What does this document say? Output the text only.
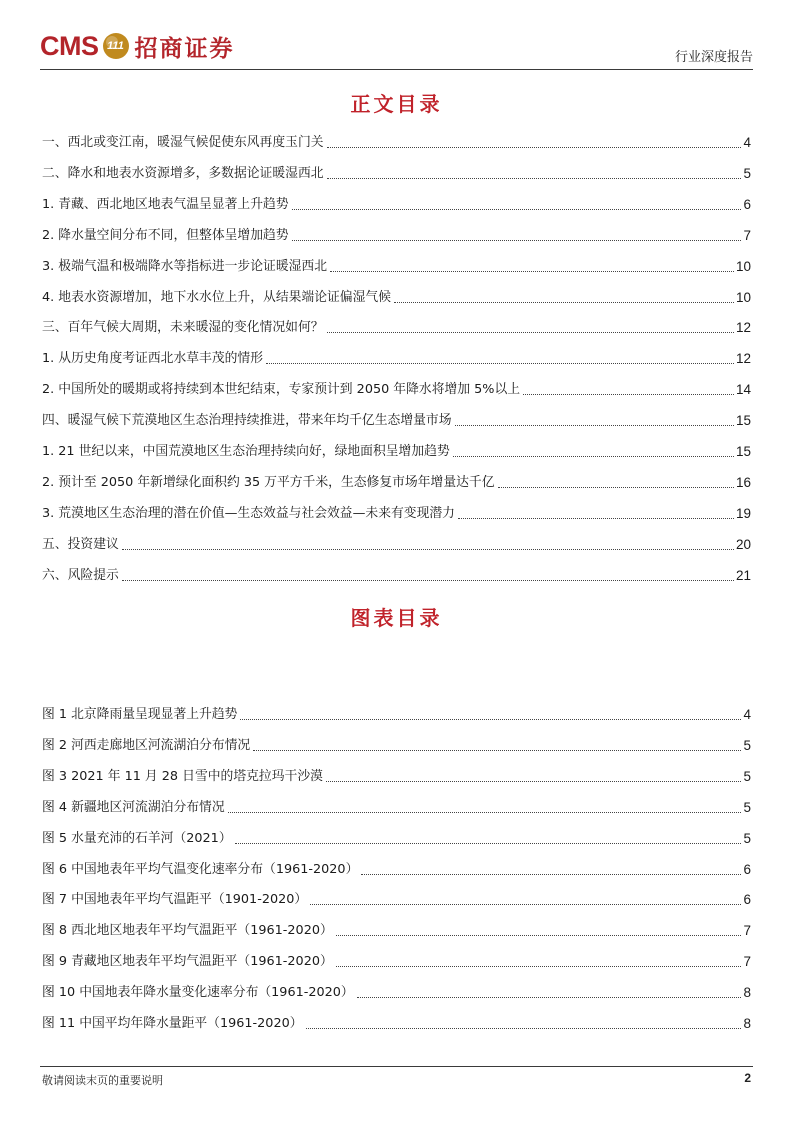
CMS 111 招商证券	行业深度报告
正文目录
一、西北或变江南，暖湿气候促使东风再度玉门关	4
二、降水和地表水资源增多，多数据论证暖湿西北	5
1. 青藏、西北地区地表气温呈显著上升趋势	6
2. 降水量空间分布不同，但整体呈增加趋势	7
3. 极端气温和极端降水等指标进一步论证暖湿西北	10
4. 地表水资源增加，地下水水位上升，从结果端论证偏湿气候	10
三、百年气候大周期，未来暖湿的变化情况如何？	12
1. 从历史角度考证西北水草丰茂的情形	12
2. 中国所处的暖期或将持续到本世纪结束，专家预计到 2050 年降水将增加 5%以上	14
四、暖湿气候下荒漠地区生态治理持续推进，带来年均千亿生态增量市场	15
1. 21 世纪以来，中国荒漠地区生态治理持续向好，绿地面积呈增加趋势	15
2. 预计至 2050 年新增绿化面积约 35 万平方千米，生态修复市场年增量达千亿	16
3. 荒漠地区生态治理的潜在价值—生态效益与社会效益—未来有变现潜力	19
五、投资建议	20
六、风险提示	21
图表目录
图 1 北京降雨量呈现显著上升趋势	4
图 2 河西走廊地区河流湖泊分布情况	5
图 3 2021 年 11 月 28 日雪中的塔克拉玛干沙漠	5
图 4 新疆地区河流湖泊分布情况	5
图 5 水量充沛的石羊河（2021）	5
图 6 中国地表年平均气温变化速率分布（1961-2020）	6
图 7 中国地表年平均气温距平（1901-2020）	6
图 8 西北地区地表年平均气温距平（1961-2020）	7
图 9 青藏地区地表年平均气温距平（1961-2020）	7
图 10 中国地表年降水量变化速率分布（1961-2020）	8
图 11 中国平均年降水量距平（1961-2020）	8
敬请阅读末页的重要说明	2
